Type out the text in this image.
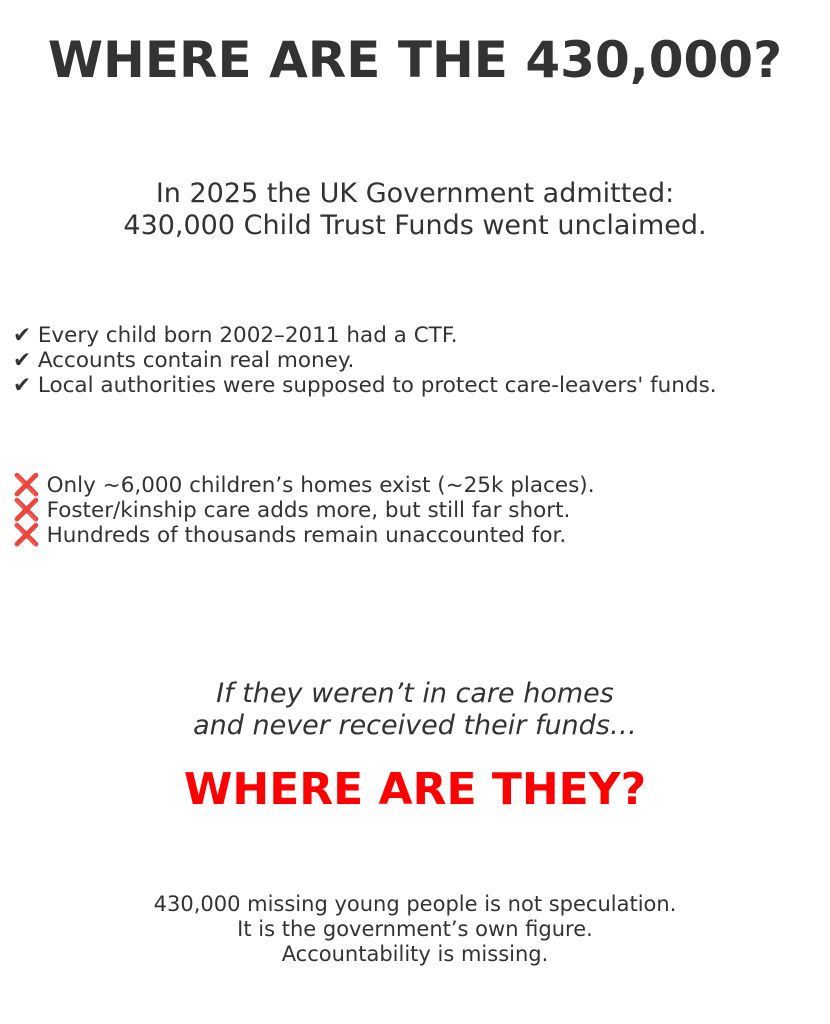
WHERE ARE THE 430,000?
In 2025 the UK Government admitted:
430,000 Child Trust Funds went unclaimed.
✔ Every child born 2002–2011 had a CTF.
✔ Accounts contain real money.
✔ Local authorities were supposed to protect care-leavers' funds.
❌ Only ~6,000 children’s homes exist (~25k places).
❌ Foster/kinship care adds more, but still far short.
❌ Hundreds of thousands remain unaccounted for.
If they weren’t in care homes
and never received their funds…
WHERE ARE THEY?
430,000 missing young people is not speculation.
It is the government’s own figure.
Accountability is missing.
